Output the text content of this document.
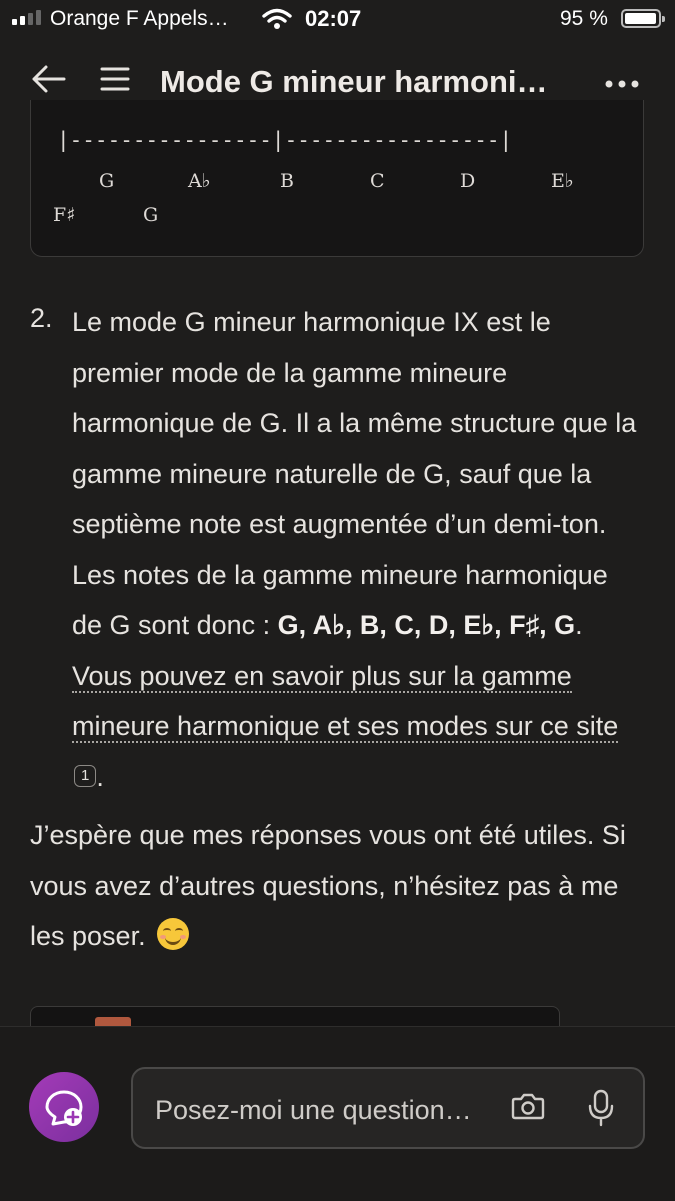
Orange F Appels…	02:07	95 %
Mode G mineur harmoni…
|----------------|-----------------|
G	A♭	B	C	D	E♭
F♯	G
2. Le mode G mineur harmonique IX est le premier mode de la gamme mineure harmonique de G. Il a la même structure que la gamme mineure naturelle de G, sauf que la septième note est augmentée d’un demi-ton. Les notes de la gamme mineure harmonique de G sont donc : G, A♭, B, C, D, E♭, F♯, G. Vous pouvez en savoir plus sur la gamme mineure harmonique et ses modes sur ce site1 .
J’espère que mes réponses vous ont été utiles. Si vous avez d’autres questions, n’hésitez pas à me les poser.
Posez-moi une question…
